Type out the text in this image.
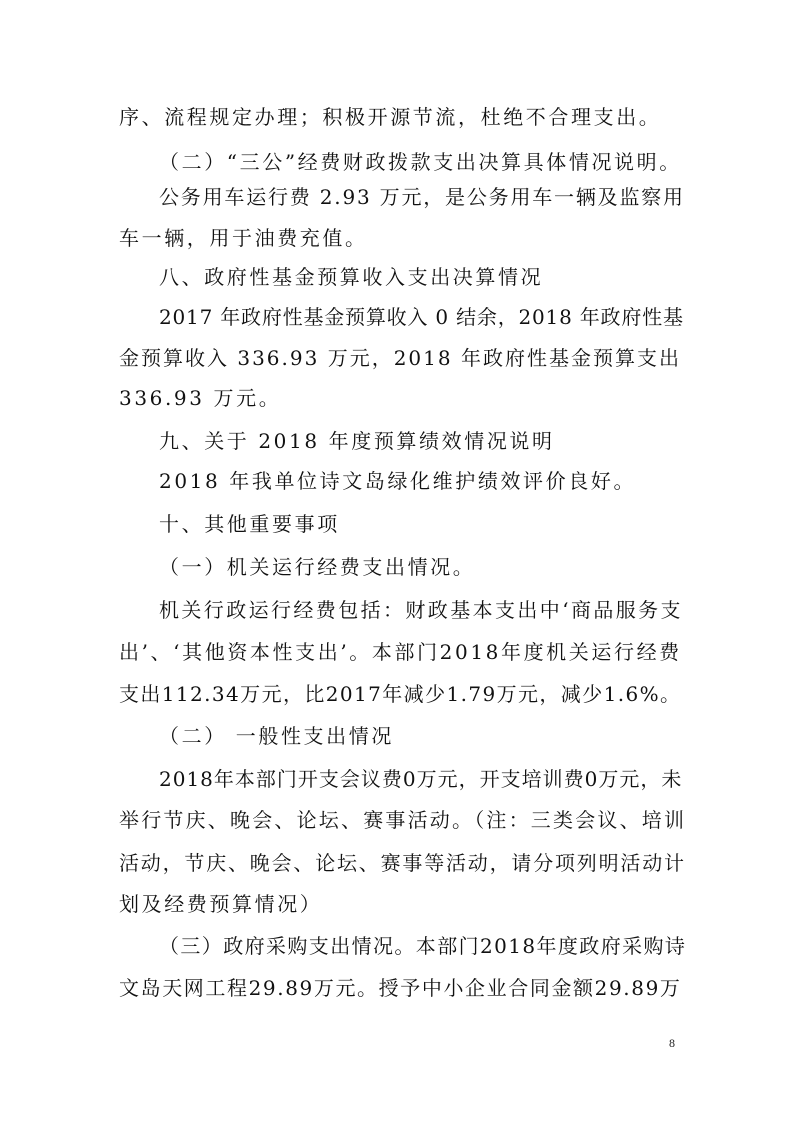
序、流程规定办理；积极开源节流，杜绝不合理支出。
（二）“三公”经费财政拨款支出决算具体情况说明。
公务用车运行费 2.93 万元，是公务用车一辆及监察用
车一辆，用于油费充值。
八、政府性基金预算收入支出决算情况
2017 年政府性基金预算收入 0 结余，2018 年政府性基
金预算收入 336.93 万元，2018 年政府性基金预算支出
336.93 万元。
九、关于 2018 年度预算绩效情况说明
2018 年我单位诗文岛绿化维护绩效评价良好。
十、其他重要事项
（一）机关运行经费支出情况。
机关行政运行经费包括：财政基本支出中‘商品服务支
出’、‘其他资本性支出’。本部门2018年度机关运行经费
支出112.34万元，比2017年减少1.79万元，减少1.6%。
（二） 一般性支出情况
2018年本部门开支会议费0万元，开支培训费0万元，未
举行节庆、晚会、论坛、赛事活动。（注：三类会议、培训
活动，节庆、晚会、论坛、赛事等活动，请分项列明活动计
划及经费预算情况）
（三）政府采购支出情况。本部门2018年度政府采购诗
文岛天网工程29.89万元。授予中小企业合同金额29.89万
8
